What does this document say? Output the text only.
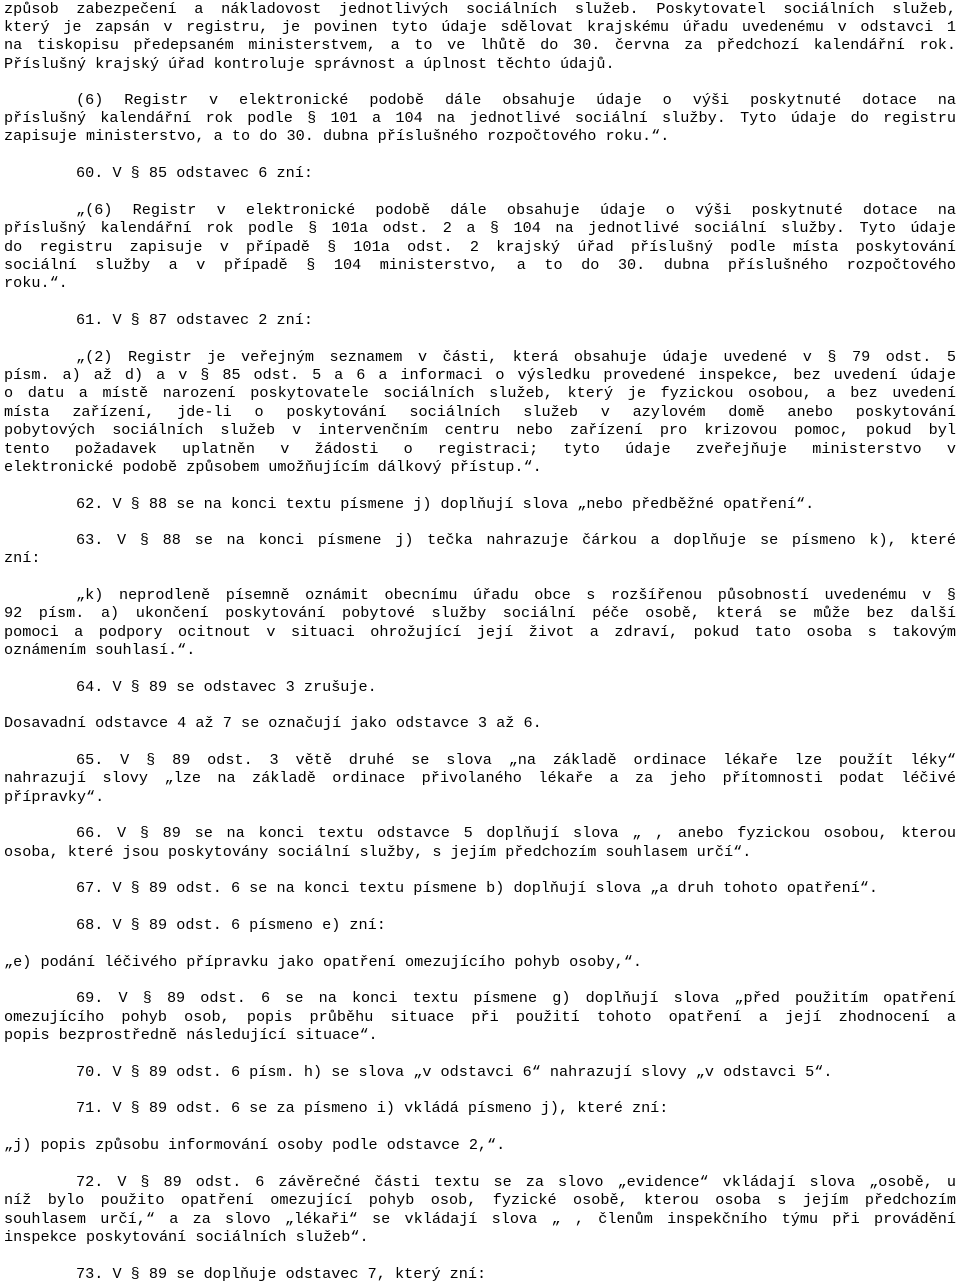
způsob zabezpečení a nákladovost jednotlivých sociálních služeb. Poskytovatel sociálních služeb,
který je zapsán v registru, je povinen tyto údaje sdělovat krajskému úřadu uvedenému v odstavci 1
na tiskopisu předepsaném ministerstvem, a to ve lhůtě do 30. června za předchozí kalendářní rok.
Příslušný krajský úřad kontroluje správnost a úplnost těchto údajů.
(6) Registr v elektronické podobě dále obsahuje údaje o výši poskytnuté dotace na
příslušný kalendářní rok podle § 101 a 104 na jednotlivé sociální služby. Tyto údaje do registru
zapisuje ministerstvo, a to do 30. dubna příslušného rozpočtového roku.“.
60. V § 85 odstavec 6 zní:
„(6) Registr v elektronické podobě dále obsahuje údaje o výši poskytnuté dotace na
příslušný kalendářní rok podle § 101a odst. 2 a § 104 na jednotlivé sociální služby. Tyto údaje
do registru zapisuje v případě § 101a odst. 2 krajský úřad příslušný podle místa poskytování
sociální služby a v případě § 104 ministerstvo, a to do 30. dubna příslušného rozpočtového
roku.“.
61. V § 87 odstavec 2 zní:
„(2) Registr je veřejným seznamem v části, která obsahuje údaje uvedené v § 79 odst. 5
písm. a) až d) a v § 85 odst. 5 a 6 a informaci o výsledku provedené inspekce, bez uvedení údaje
o datu a místě narození poskytovatele sociálních služeb, který je fyzickou osobou, a bez uvedení
místa zařízení, jde-li o poskytování sociálních služeb v azylovém domě anebo poskytování
pobytových sociálních služeb v intervenčním centru nebo zařízení pro krizovou pomoc, pokud byl
tento požadavek uplatněn v žádosti o registraci; tyto údaje zveřejňuje ministerstvo v
elektronické podobě způsobem umožňujícím dálkový přístup.“.
62. V § 88 se na konci textu písmene j) doplňují slova „nebo předběžné opatření“.
63. V § 88 se na konci písmene j) tečka nahrazuje čárkou a doplňuje se písmeno k), které
zní:
„k) neprodleně písemně oznámit obecnímu úřadu obce s rozšířenou působností uvedenému v §
92 písm. a) ukončení poskytování pobytové služby sociální péče osobě, která se může bez další
pomoci a podpory ocitnout v situaci ohrožující její život a zdraví, pokud tato osoba s takovým
oznámením souhlasí.“.
64. V § 89 se odstavec 3 zrušuje.
Dosavadní odstavce 4 až 7 se označují jako odstavce 3 až 6.
65. V § 89 odst. 3 větě druhé se slova „na základě ordinace lékaře lze použít léky“
nahrazují slovy „lze na základě ordinace přivolaného lékaře a za jeho přítomnosti podat léčivé
přípravky“.
66. V § 89 se na konci textu odstavce 5 doplňují slova „ , anebo fyzickou osobou, kterou
osoba, které jsou poskytovány sociální služby, s jejím předchozím souhlasem určí“.
67. V § 89 odst. 6 se na konci textu písmene b) doplňují slova „a druh tohoto opatření“.
68. V § 89 odst. 6 písmeno e) zní:
„e) podání léčivého přípravku jako opatření omezujícího pohyb osoby,“.
69. V § 89 odst. 6 se na konci textu písmene g) doplňují slova „před použitím opatření
omezujícího pohyb osob, popis průběhu situace při použití tohoto opatření a její zhodnocení a
popis bezprostředně následující situace“.
70. V § 89 odst. 6 písm. h) se slova „v odstavci 6“ nahrazují slovy „v odstavci 5“.
71. V § 89 odst. 6 se za písmeno i) vkládá písmeno j), které zní:
„j) popis způsobu informování osoby podle odstavce 2,“.
72. V § 89 odst. 6 závěrečné části textu se za slovo „evidence“ vkládají slova „osobě, u
níž bylo použito opatření omezující pohyb osob, fyzické osobě, kterou osoba s jejím předchozím
souhlasem určí,“ a za slovo „lékaři“ se vkládají slova „ , členům inspekčního týmu při provádění
inspekce poskytování sociálních služeb“.
73. V § 89 se doplňuje odstavec 7, který zní:
